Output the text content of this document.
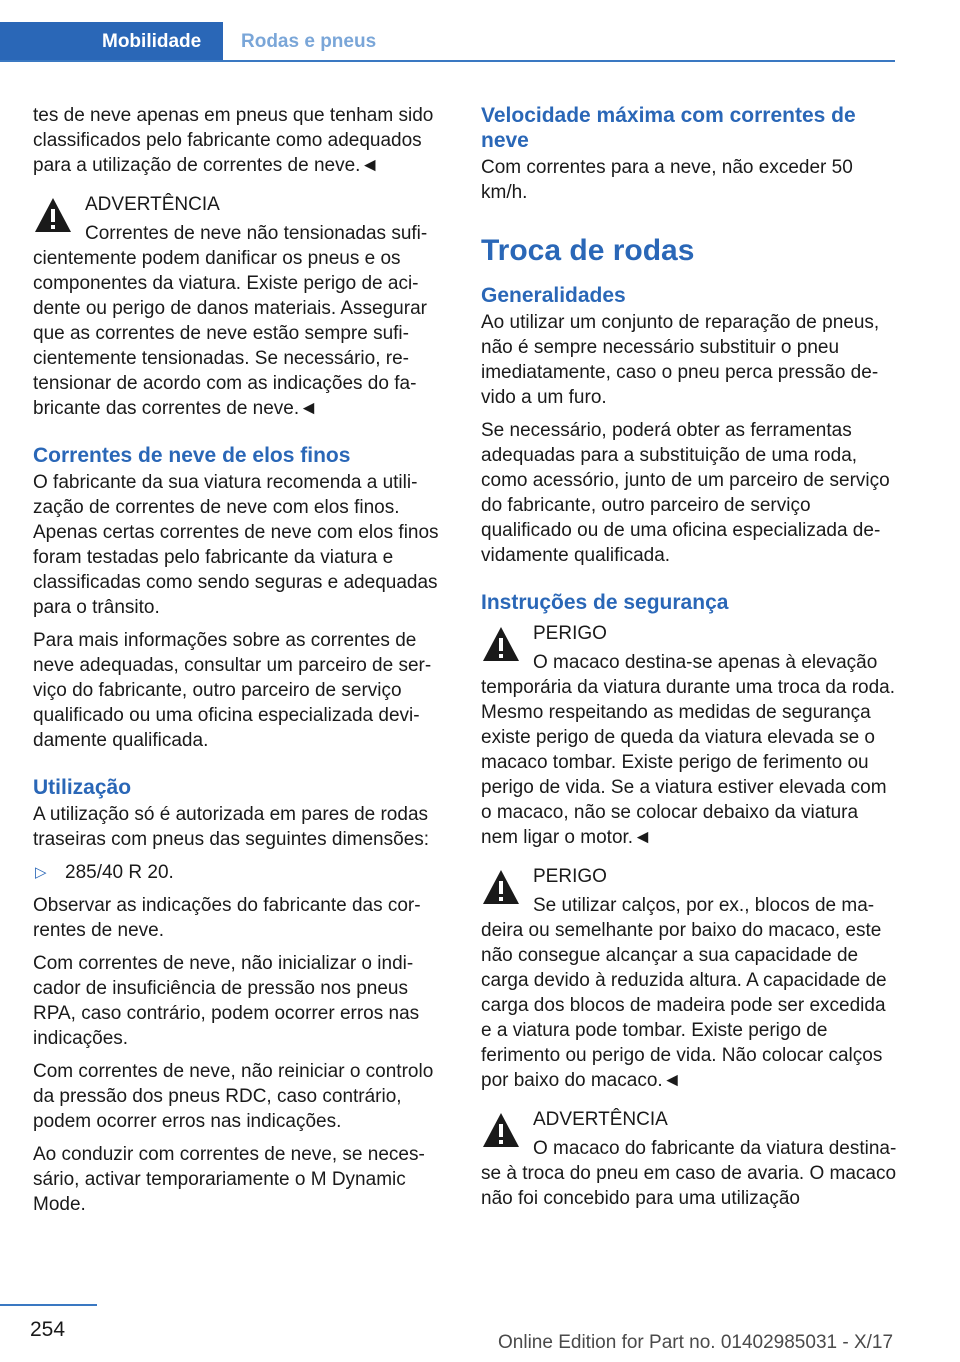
Mobilidade	Rodas e pneus

tes de neve apenas em pneus que tenham sido classificados pelo fabricante como adequados para a utilização de correntes de neve.◄

ADVERTÊNCIA

Correntes de neve não tensionadas suficientemente podem danificar os pneus e os componentes da viatura. Existe perigo de acidente ou perigo de danos materiais. Assegurar que as correntes de neve estão sempre suficientemente tensionadas. Se necessário, retensionar de acordo com as indicações do fabricante das correntes de neve.◄

Correntes de neve de elos finos

O fabricante da sua viatura recomenda a utilização de correntes de neve com elos finos. Apenas certas correntes de neve com elos finos foram testadas pelo fabricante da viatura e classificadas como sendo seguras e adequadas para o trânsito.

Para mais informações sobre as correntes de neve adequadas, consultar um parceiro de serviço do fabricante, outro parceiro de serviço qualificado ou uma oficina especializada devidamente qualificada.

Utilização

A utilização só é autorizada em pares de rodas traseiras com pneus das seguintes dimensões:

▷ 285/40 R 20.

Observar as indicações do fabricante das correntes de neve.

Com correntes de neve, não inicializar o indicador de insuficiência de pressão nos pneus RPA, caso contrário, podem ocorrer erros nas indicações.

Com correntes de neve, não reiniciar o controlo da pressão dos pneus RDC, caso contrário, podem ocorrer erros nas indicações.

Ao conduzir com correntes de neve, se necessário, activar temporariamente o M Dynamic Mode.

Velocidade máxima com correntes de neve

Com correntes para a neve, não exceder 50 km/h.

Troca de rodas
Generalidades

Ao utilizar um conjunto de reparação de pneus, não é sempre necessário substituir o pneu imediatamente, caso o pneu perca pressão devido a um furo.

Se necessário, poderá obter as ferramentas adequadas para a substituição de uma roda, como acessório, junto de um parceiro de serviço do fabricante, outro parceiro de serviço qualificado ou de uma oficina especializada devidamente qualificada.

Instruções de segurança
PERIGO

O macaco destina-se apenas à elevação temporária da viatura durante uma troca da roda. Mesmo respeitando as medidas de segurança existe perigo de queda da viatura elevada se o macaco tombar. Existe perigo de ferimento ou perigo de vida. Se a viatura estiver elevada com o macaco, não se colocar debaixo da viatura nem ligar o motor.◄

PERIGO

Se utilizar calços, por ex., blocos de madeira ou semelhante por baixo do macaco, este não consegue alcançar a sua capacidade de carga devido à reduzida altura. A capacidade de carga dos blocos de madeira pode ser excedida e a viatura pode tombar. Existe perigo de ferimento ou perigo de vida. Não colocar calços por baixo do macaco.◄

ADVERTÊNCIA

O macaco do fabricante da viatura destina-se à troca do pneu em caso de avaria. O macaco não foi concebido para uma utilização

254
Online Edition for Part no. 01402985031 - X/17
